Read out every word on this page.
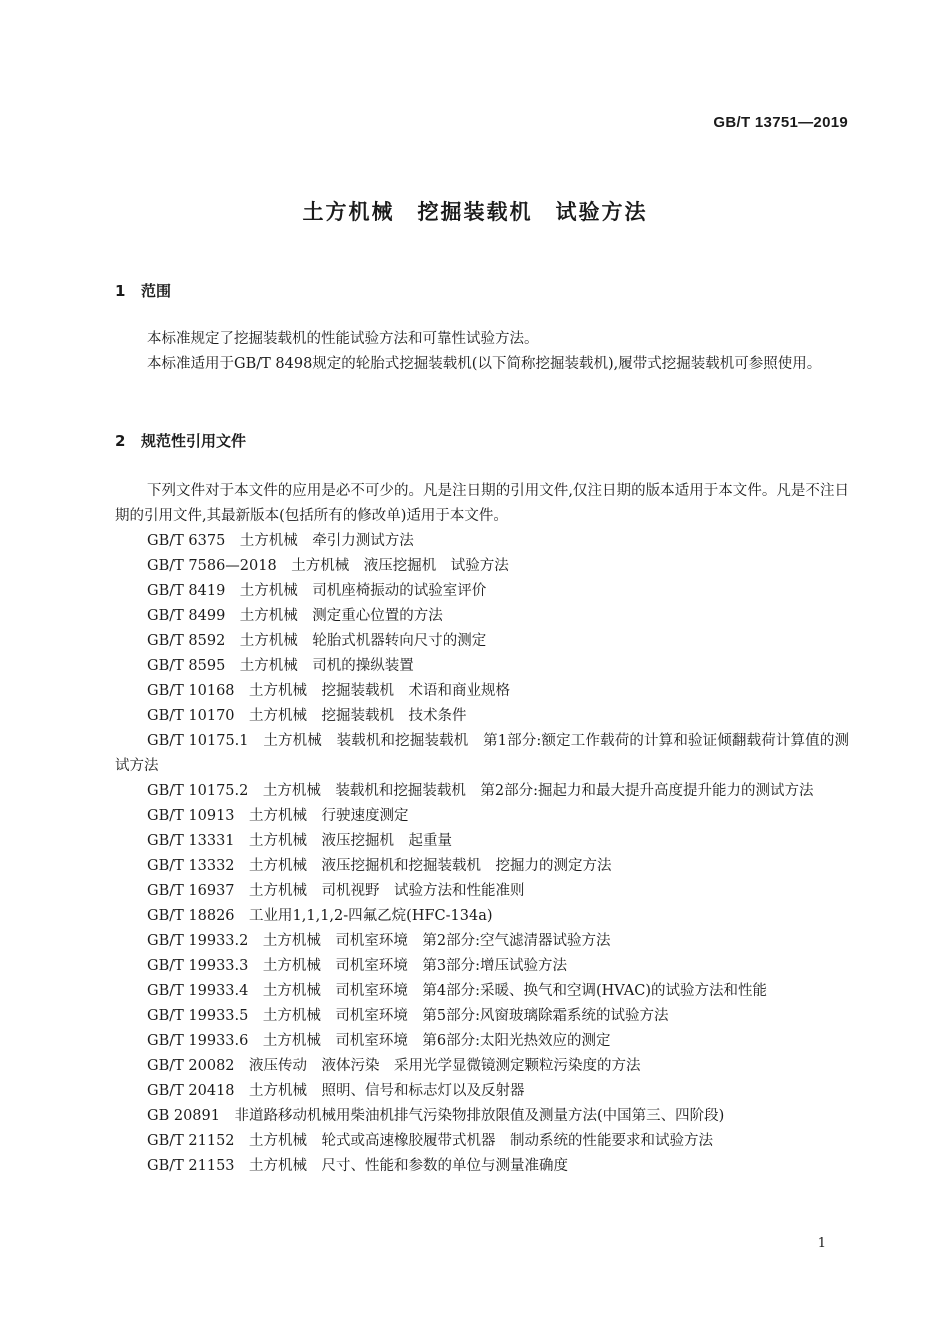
GB/T 13751—2019
土方机械　挖掘装载机　试验方法
1 范围

本标准规定了挖掘装载机的性能试验方法和可靠性试验方法。

本标准适用于GB/T 8498规定的轮胎式挖掘装载机(以下简称挖掘装载机),履带式挖掘装载机可参照使用。

2 规范性引用文件

下列文件对于本文件的应用是必不可少的。凡是注日期的引用文件,仅注日期的版本适用于本文件。凡是不注日期的引用文件,其最新版本(包括所有的修改单)适用于本文件。

GB/T 6375　土方机械　牵引力测试方法
GB/T 7586—2018　土方机械　液压挖掘机　试验方法
GB/T 8419　土方机械　司机座椅振动的试验室评价
GB/T 8499　土方机械　测定重心位置的方法
GB/T 8592　土方机械　轮胎式机器转向尺寸的测定
GB/T 8595　土方机械　司机的操纵装置
GB/T 10168　土方机械　挖掘装载机　术语和商业规格
GB/T 10170　土方机械　挖掘装载机　技术条件
GB/T 10175.1　土方机械　装载机和挖掘装载机　第1部分:额定工作载荷的计算和验证倾翻载荷计算值的测试方法
GB/T 10175.2　土方机械　装载机和挖掘装载机　第2部分:掘起力和最大提升高度提升能力的测试方法
GB/T 10913　土方机械　行驶速度测定
GB/T 13331　土方机械　液压挖掘机　起重量
GB/T 13332　土方机械　液压挖掘机和挖掘装载机　挖掘力的测定方法
GB/T 16937　土方机械　司机视野　试验方法和性能准则
GB/T 18826　工业用1,1,1,2-四氟乙烷(HFC-134a)
GB/T 19933.2　土方机械　司机室环境　第2部分:空气滤清器试验方法
GB/T 19933.3　土方机械　司机室环境　第3部分:增压试验方法
GB/T 19933.4　土方机械　司机室环境　第4部分:采暖、换气和空调(HVAC)的试验方法和性能
GB/T 19933.5　土方机械　司机室环境　第5部分:风窗玻璃除霜系统的试验方法
GB/T 19933.6　土方机械　司机室环境　第6部分:太阳光热效应的测定
GB/T 20082　液压传动　液体污染　采用光学显微镜测定颗粒污染度的方法
GB/T 20418　土方机械　照明、信号和标志灯以及反射器
GB 20891　非道路移动机械用柴油机排气污染物排放限值及测量方法(中国第三、四阶段)
GB/T 21152　土方机械　轮式或高速橡胶履带式机器　制动系统的性能要求和试验方法
GB/T 21153　土方机械　尺寸、性能和参数的单位与测量准确度
1
